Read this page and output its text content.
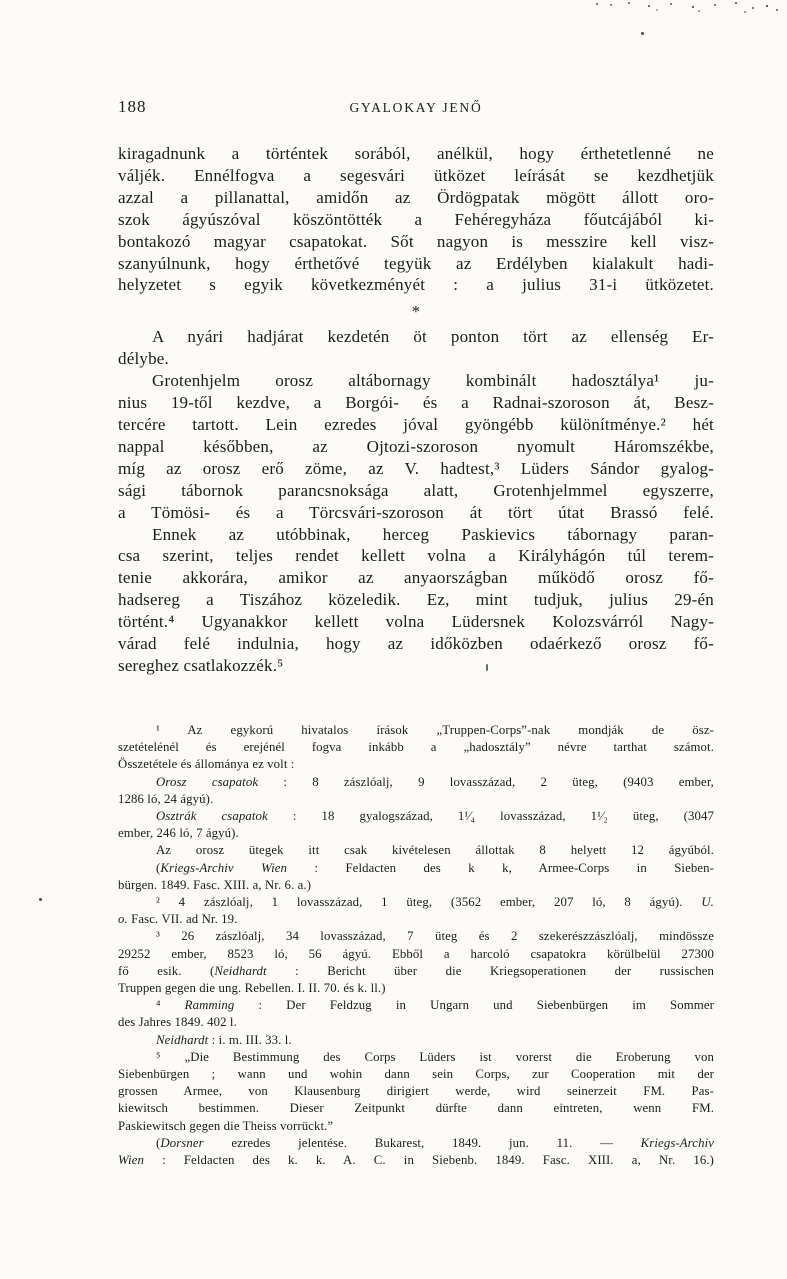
188	GYALOKAY JENŐ
kiragadnunk a történtek sorából, anélkül, hogy érthetetlenné ne
váljék. Ennélfogva a segesvári ütközet leírását se kezdhetjük
azzal a pillanattal, amidőn az Ördögpatak mögött állott oro-
szok ágyúszóval köszöntötték a Fehéregyháza főutcájából ki-
bontakozó magyar csapatokat. Sőt nagyon is messzire kell visz-
szanyúlnunk, hogy érthetővé tegyük az Erdélyben kialakult hadi-
helyzetet s egyik következményét : a julius 31-i ütközetet.
*
A nyári hadjárat kezdetén öt ponton tört az ellenség Er-
délybe.
Grotenhjelm orosz altábornagy kombinált hadosztálya¹ ju-
nius 19-től kezdve, a Borgói- és a Radnai-szoroson át, Besz-
tercére tartott. Lein ezredes jóval gyöngébb különítménye.² hét
nappal későbben, az Ojtozi-szoroson nyomult Háromszékbe,
míg az orosz erő zöme, az V. hadtest,³ Lüders Sándor gyalog-
sági tábornok parancsnoksága alatt, Grotenhjelmmel egyszerre,
a Tömösi- és a Törcsvári-szoroson át tört útat Brassó felé.
Ennek az utóbbinak, herceg Paskievics tábornagy paran-
csa szerint, teljes rendet kellett volna a Királyhágón túl terem-
tenie akkorára, amikor az anyaországban működő orosz fő-
hadsereg a Tiszához közeledik. Ez, mint tudjuk, julius 29-én
történt.⁴ Ugyanakkor kellett volna Lüdersnek Kolozsvárról Nagy-
várad felé indulnia, hogy az időközben odaérkező orosz fő-
sereghez csatlakozzék.⁵
¹ Az egykorú hivatalos írások „Truppen-Corps”-nak mondják de ösz-
szetételénél és erejénél fogva inkább a „hadosztály” névre tarthat számot.
Összetétele és állománya ez volt :
Orosz csapatok : 8 zászlóalj, 9 lovasszázad, 2 üteg, (9403 ember,
1286 ló, 24 ágyú).
Osztrák csapatok : 18 gyalogszázad, 1¹⁄₄ lovasszázad, 1¹⁄₂ üteg, (3047
ember, 246 ló, 7 ágyú).
Az orosz ütegek itt csak kivételesen állottak 8 helyett 12 ágyúból.
(Kriegs-Archiv Wien : Feldacten des k k, Armee-Corps in Sieben-
bürgen. 1849. Fasc. XIII. a, Nr. 6. a.)
² 4 zászlóalj, 1 lovasszázad, 1 üteg, (3562 ember, 207 ló, 8 ágyú). U.
o. Fasc. VII. ad Nr. 19.
³ 26 zászlóalj, 34 lovasszázad, 7 üteg és 2 szekerészzászlóalj, mindössze
29252 ember, 8523 ló, 56 ágyú. Ebből a harcoló csapatokra körülbelül 27300
fő esik. (Neidhardt : Bericht über die Kriegsoperationen der russischen
Truppen gegen die ung. Rebellen. I. II. 70. és k. ll.)
⁴ Ramming : Der Feldzug in Ungarn und Siebenbürgen im Sommer
des Jahres 1849. 402 l.
Neidhardt : i. m. III. 33. l.
⁵ „Die Bestimmung des Corps Lüders ist vorerst die Eroberung von
Siebenbürgen ; wann und wohin dann sein Corps, zur Cooperation mit der
grossen Armee, von Klausenburg dirigiert werde, wird seinerzeit FM. Pas-
kiewitsch bestimmen. Dieser Zeitpunkt dürfte dann eintreten, wenn FM.
Paskiewitsch gegen die Theiss vorrückt.”
(Dorsner ezredes jelentése. Bukarest, 1849. jun. 11. — Kriegs-Archiv
Wien : Feldacten des k. k. A. C. in Siebenb. 1849. Fasc. XIII. a, Nr. 16.)
